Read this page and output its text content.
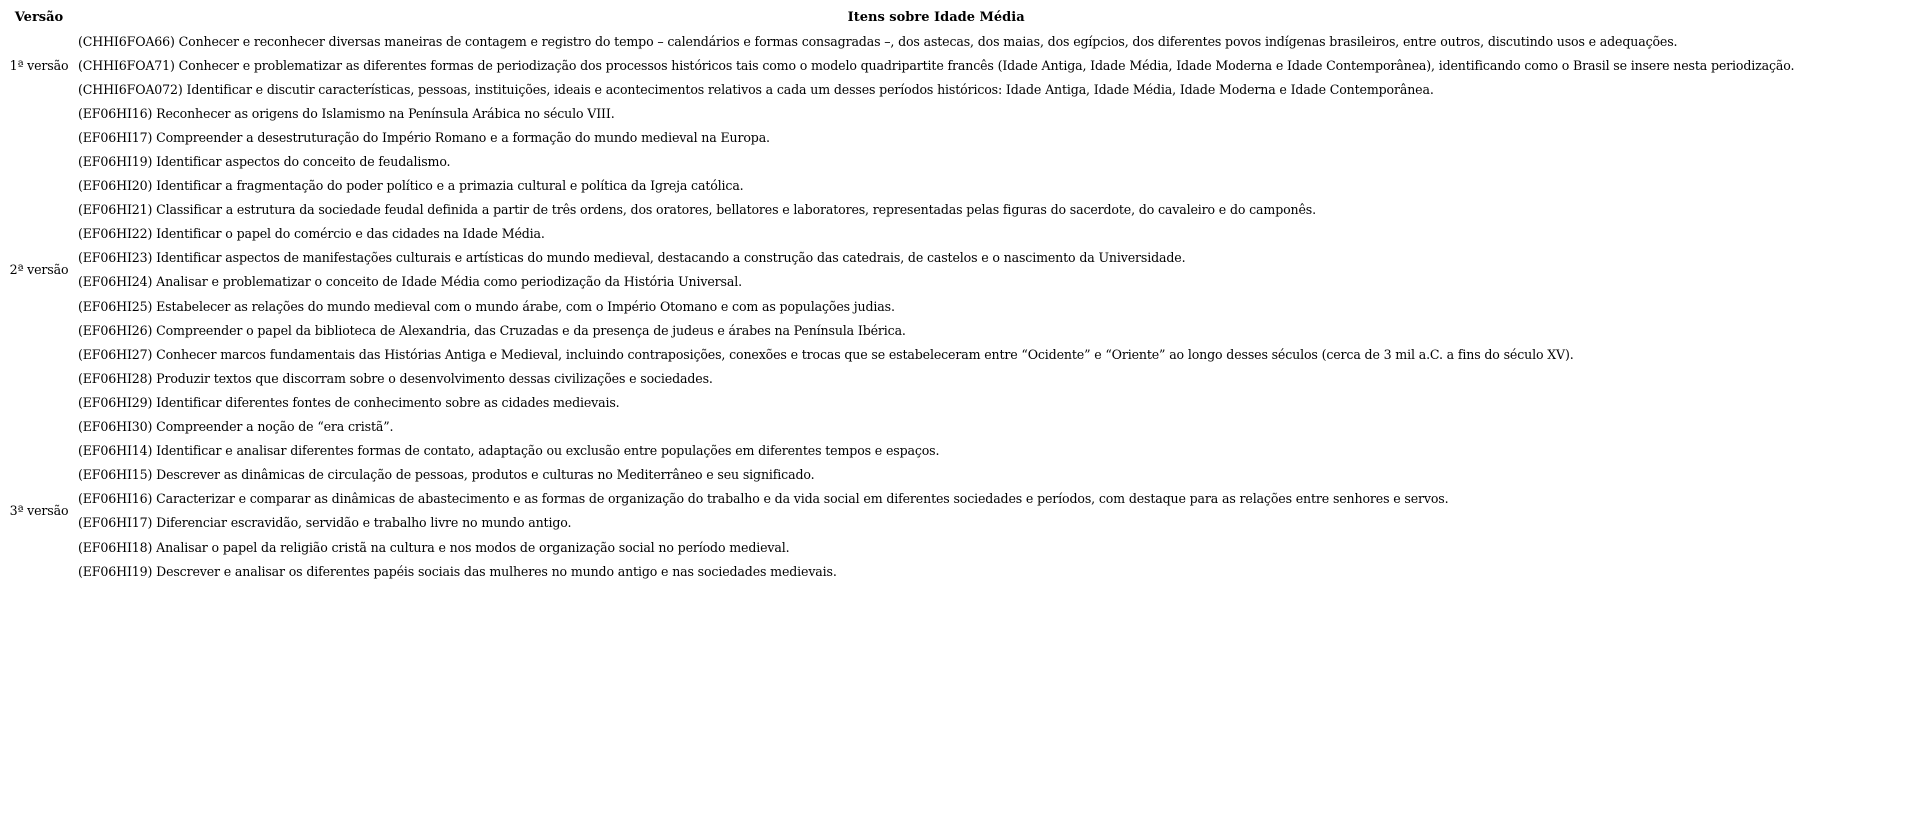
Versão	Itens sobre Idade Média
1ª versão	(CHHI6FOA66) Conhecer e reconhecer diversas maneiras de contagem e registro do tempo – calendários e formas consagradas –, dos astecas, dos maias, dos egípcios, dos diferentes povos indígenas brasileiros, entre outros, discutindo usos e adequações.
	(CHHI6FOA71) Conhecer e problematizar as diferentes formas de periodização dos processos históricos tais como o modelo quadripartite francês (Idade Antiga, Idade Média, Idade Moderna e Idade Contemporânea), identificando como o Brasil se insere nesta periodização.
	(CHHI6FOA072) Identificar e discutir características, pessoas, instituições, ideais e acontecimentos relativos a cada um desses períodos históricos: Idade Antiga, Idade Média, Idade Moderna e Idade Contemporânea.
2ª versão	(EF06HI16) Reconhecer as origens do Islamismo na Península Arábica no século VIII.
	(EF06HI17) Compreender a desestruturação do Império Romano e a formação do mundo medieval na Europa.
	(EF06HI19) Identificar aspectos do conceito de feudalismo.
	(EF06HI20) Identificar a fragmentação do poder político e a primazia cultural e política da Igreja católica.
	(EF06HI21) Classificar a estrutura da sociedade feudal definida a partir de três ordens, dos oratores, bellatores e laboratores, representadas pelas figuras do sacerdote, do cavaleiro e do camponês.
	(EF06HI22) Identificar o papel do comércio e das cidades na Idade Média.
	(EF06HI23) Identificar aspectos de manifestações culturais e artísticas do mundo medieval, destacando a construção das catedrais, de castelos e o nascimento da Universidade.
	(EF06HI24) Analisar e problematizar o conceito de Idade Média como periodização da História Universal.
	(EF06HI25) Estabelecer as relações do mundo medieval com o mundo árabe, com o Império Otomano e com as populações judias.
	(EF06HI26) Compreender o papel da biblioteca de Alexandria, das Cruzadas e da presença de judeus e árabes na Península Ibérica.
	(EF06HI27) Conhecer marcos fundamentais das Histórias Antiga e Medieval, incluindo contraposições, conexões e trocas que se estabeleceram entre “Ocidente” e “Oriente” ao longo desses séculos (cerca de 3 mil a.C. a fins do século XV).
	(EF06HI28) Produzir textos que discorram sobre o desenvolvimento dessas civilizações e sociedades.
	(EF06HI29) Identificar diferentes fontes de conhecimento sobre as cidades medievais.
	(EF06HI30) Compreender a noção de “era cristã”.
3ª versão	(EF06HI14) Identificar e analisar diferentes formas de contato, adaptação ou exclusão entre populações em diferentes tempos e espaços.
	(EF06HI15) Descrever as dinâmicas de circulação de pessoas, produtos e culturas no Mediterrâneo e seu significado.
	(EF06HI16) Caracterizar e comparar as dinâmicas de abastecimento e as formas de organização do trabalho e da vida social em diferentes sociedades e períodos, com destaque para as relações entre senhores e servos.
	(EF06HI17) Diferenciar escravidão, servidão e trabalho livre no mundo antigo.
	(EF06HI18) Analisar o papel da religião cristã na cultura e nos modos de organização social no período medieval.
	(EF06HI19) Descrever e analisar os diferentes papéis sociais das mulheres no mundo antigo e nas sociedades medievais.
